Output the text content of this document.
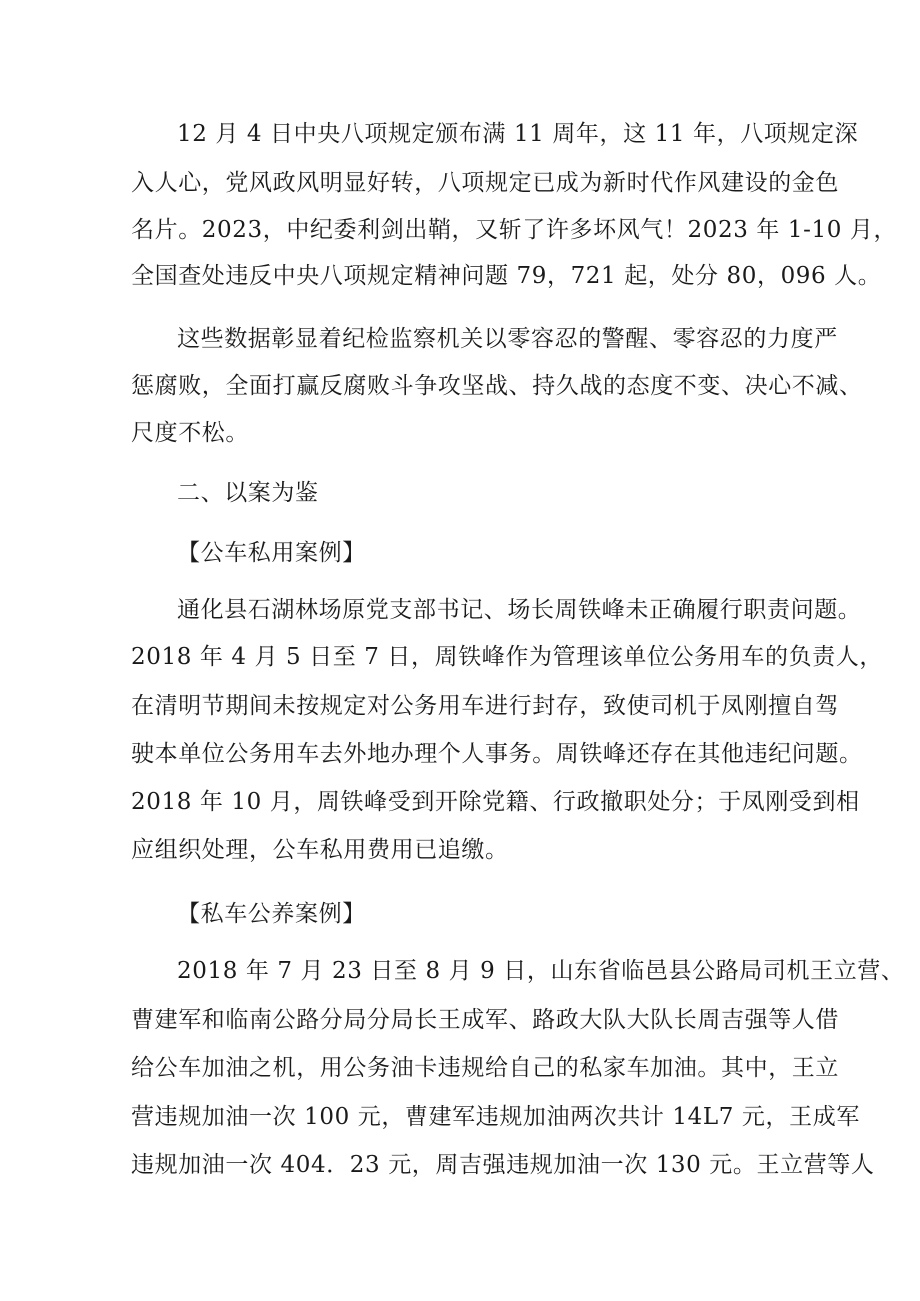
12 月 4 日中央八项规定颁布满 11 周年，这 11 年，八项规定深

入人心，党风政风明显好转，八项规定已成为新时代作风建设的金色

名片。2023，中纪委利剑出鞘，又斩了许多坏风气！2023 年 1-10 月，

全国查处违反中央八项规定精神问题 79，721 起，处分 80，096 人。

这些数据彰显着纪检监察机关以零容忍的警醒、零容忍的力度严

惩腐败，全面打赢反腐败斗争攻坚战、持久战的态度不变、决心不减、

尺度不松。

二、以案为鉴

【公车私用案例】

通化县石湖林场原党支部书记、场长周铁峰未正确履行职责问题。

2018 年 4 月 5 日至 7 日，周铁峰作为管理该单位公务用车的负责人，

在清明节期间未按规定对公务用车进行封存，致使司机于凤刚擅自驾

驶本单位公务用车去外地办理个人事务。周铁峰还存在其他违纪问题。

2018 年 10 月，周铁峰受到开除党籍、行政撤职处分；于凤刚受到相

应组织处理，公车私用费用已追缴。

【私车公养案例】

2018 年 7 月 23 日至 8 月 9 日，山东省临邑县公路局司机王立营、

曹建军和临南公路分局分局长王成军、路政大队大队长周吉强等人借

给公车加油之机，用公务油卡违规给自己的私家车加油。其中，王立

营违规加油一次 100 元，曹建军违规加油两次共计 14L7 元，王成军

违规加油一次 404．23 元，周吉强违规加油一次 130 元。王立营等人
